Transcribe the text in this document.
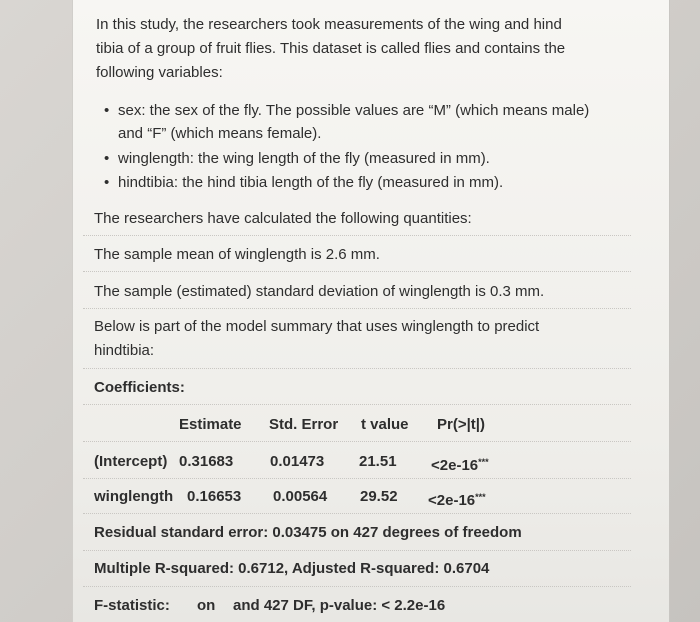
In this study, the researchers took measurements of the wing and hind
tibia of a group of fruit flies. This dataset is called flies and contains the
following variables:
• sex: the sex of the fly. The possible values are “M” (which means male)
and “F” (which means female).
• winglength: the wing length of the fly (measured in mm).
• hindtibia: the hind tibia length of the fly (measured in mm).
The researchers have calculated the following quantities:
The sample mean of winglength is 2.6 mm.
The sample (estimated) standard deviation of winglength is 0.3 mm.
Below is part of the model summary that uses winglength to predict
hindtibia:
Coefficients:
Estimate Std. Error t value Pr(>|t|)
(Intercept) 0.31683 0.01473 21.51 <2e-16***
winglength 0.16653 0.00564 29.52 <2e-16***
Residual standard error: 0.03475 on 427 degrees of freedom
Multiple R-squared: 0.6712, Adjusted R-squared: 0.6704
F-statistic: on and 427 DF, p-value: < 2.2e-16
